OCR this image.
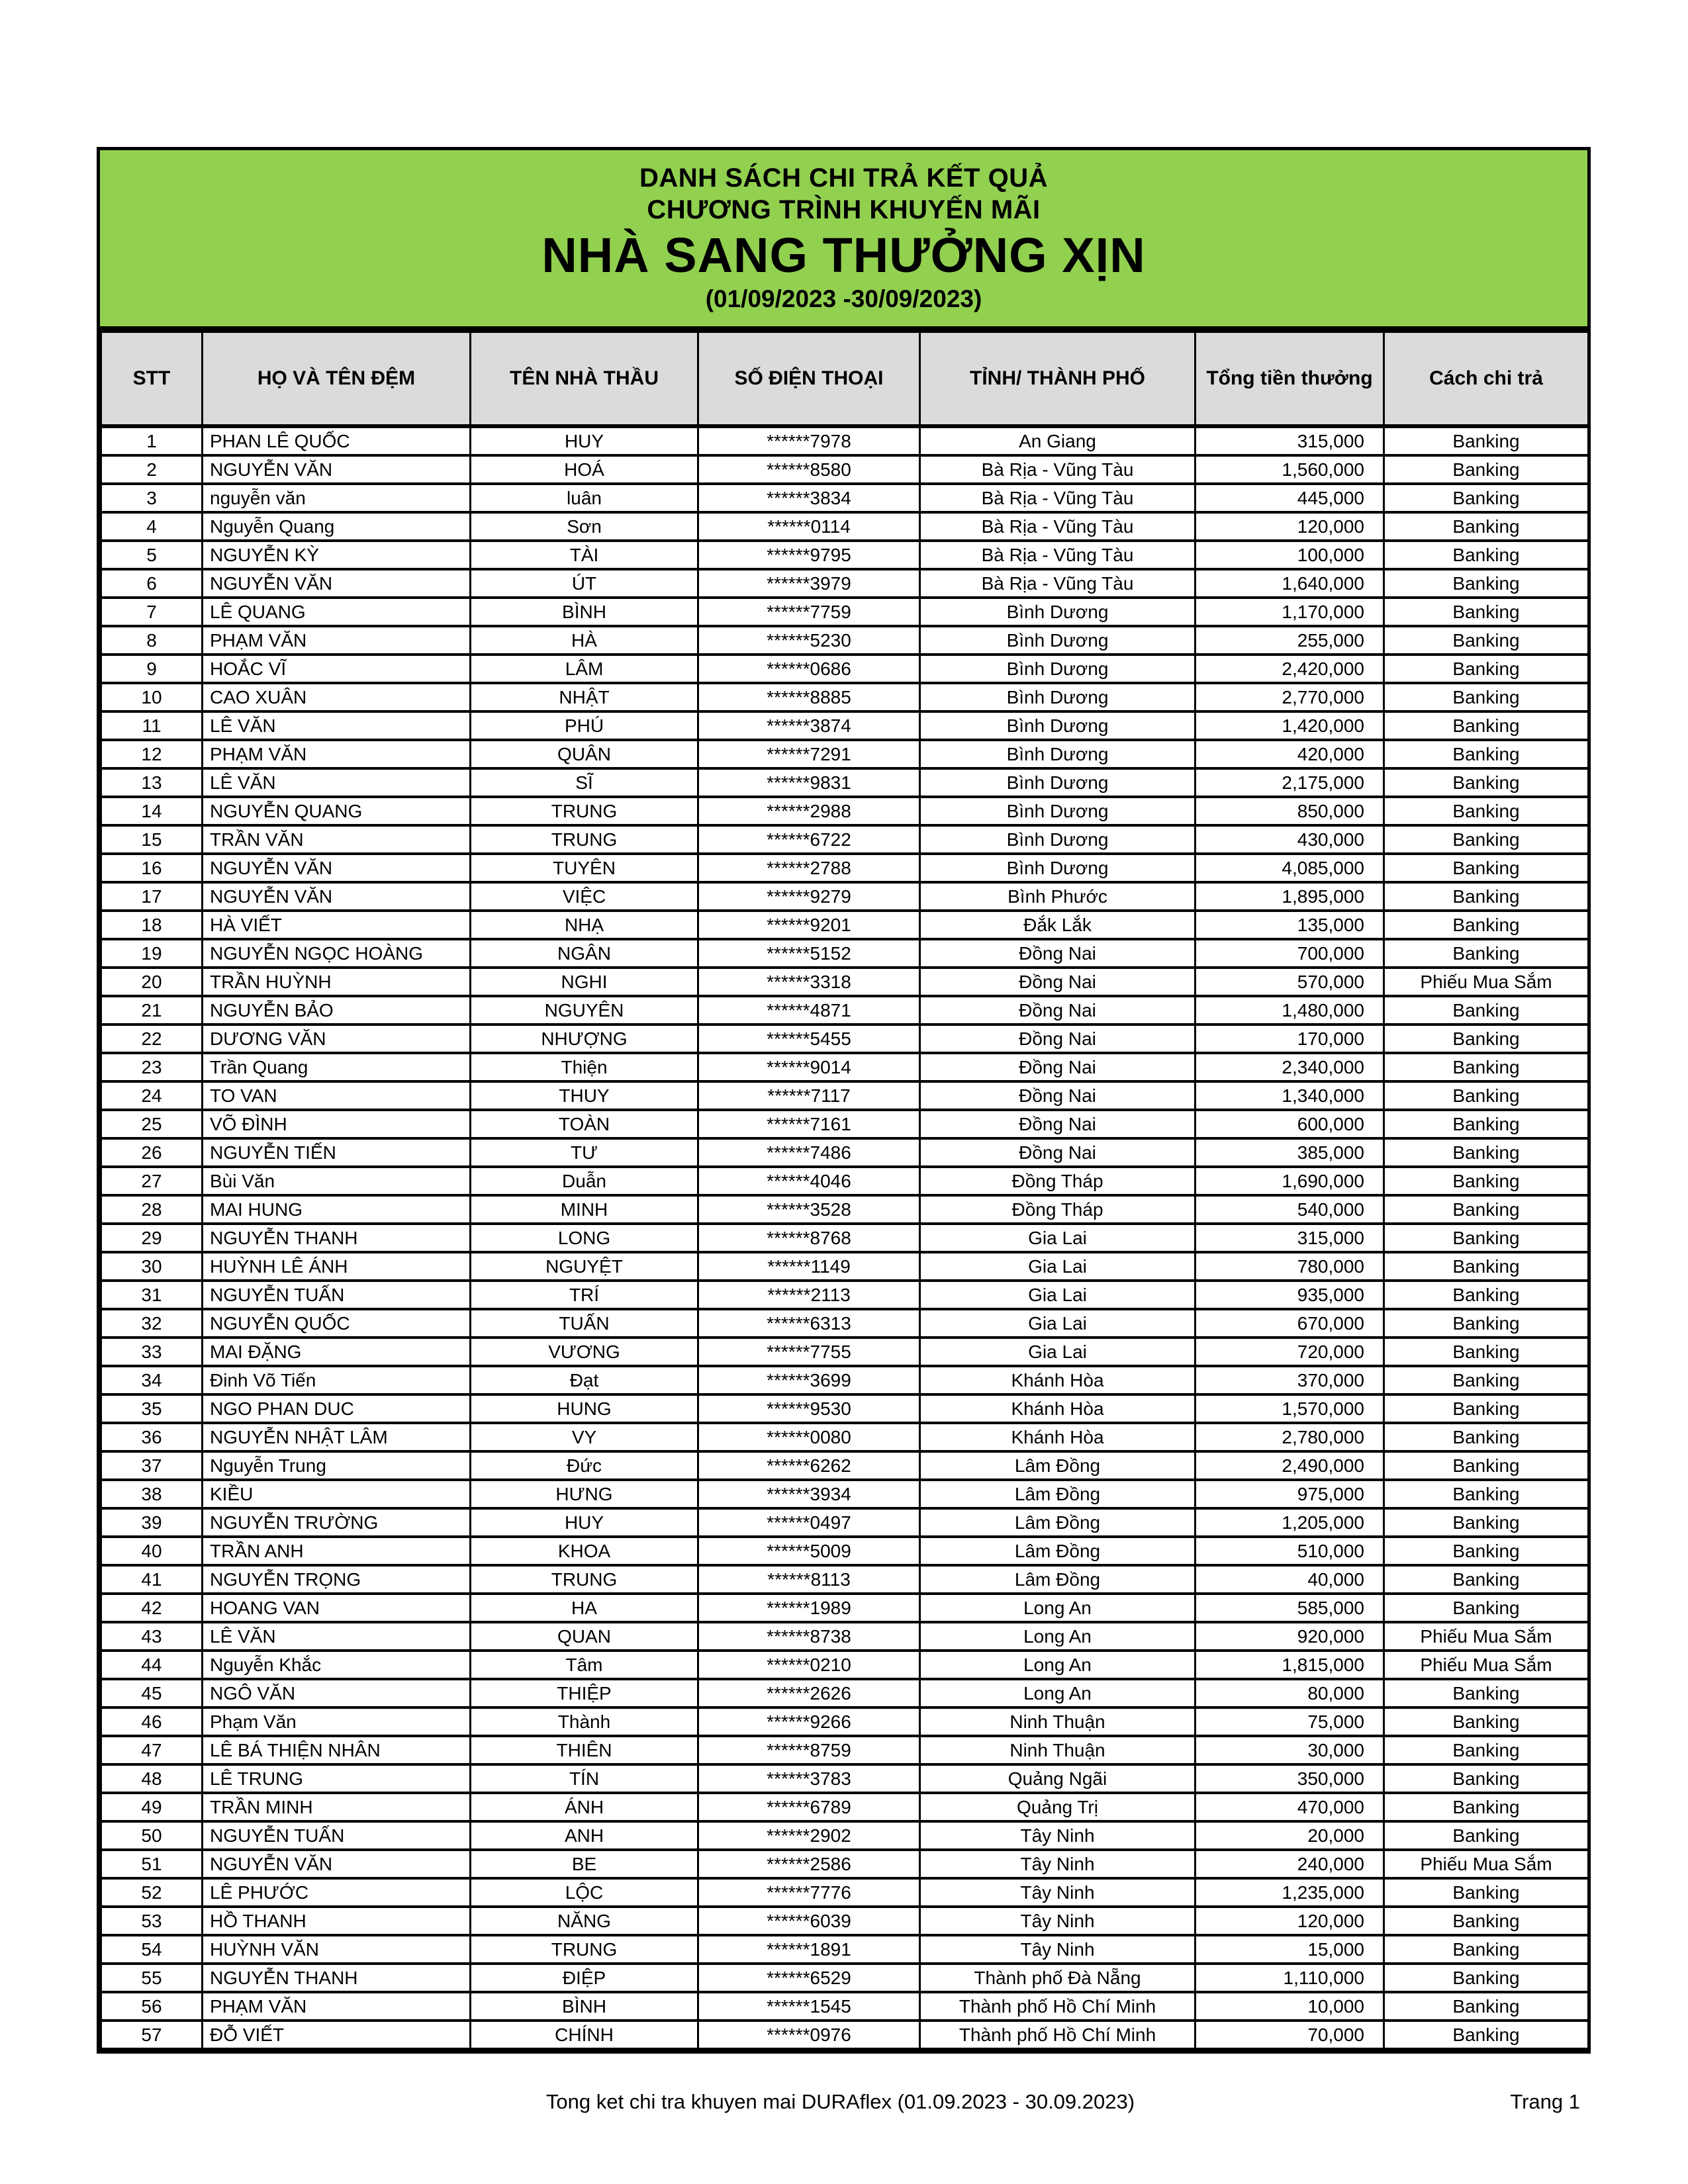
DANH SÁCH CHI TRẢ KẾT QUẢ
CHƯƠNG TRÌNH KHUYẾN MÃI
NHÀ SANG THƯỞNG XỊN
(01/09/2023 -30/09/2023)
STT	HỌ VÀ TÊN ĐỆM	TÊN NHÀ THẦU	SỐ ĐIỆN THOẠI	TỈNH/ THÀNH PHỐ	Tổng tiền thưởng	Cách chi trả
1	PHAN LÊ QUỐC	HUY	******7978	An Giang	315,000	Banking
2	NGUYỄN VĂN	HOÁ	******8580	Bà Rịa - Vũng Tàu	1,560,000	Banking
3	nguyễn văn	luân	******3834	Bà Rịa - Vũng Tàu	445,000	Banking
4	Nguyễn Quang	Sơn	******0114	Bà Rịa - Vũng Tàu	120,000	Banking
5	NGUYỄN KỲ	TÀI	******9795	Bà Rịa - Vũng Tàu	100,000	Banking
6	NGUYỄN VĂN	ÚT	******3979	Bà Rịa - Vũng Tàu	1,640,000	Banking
7	LÊ QUANG	BÌNH	******7759	Bình Dương	1,170,000	Banking
8	PHẠM VĂN	HÀ	******5230	Bình Dương	255,000	Banking
9	HOẮC VĨ	LÂM	******0686	Bình Dương	2,420,000	Banking
10	CAO XUÂN	NHẬT	******8885	Bình Dương	2,770,000	Banking
11	LÊ VĂN	PHÚ	******3874	Bình Dương	1,420,000	Banking
12	PHẠM VĂN	QUÂN	******7291	Bình Dương	420,000	Banking
13	LÊ VĂN	SĨ	******9831	Bình Dương	2,175,000	Banking
14	NGUYỄN QUANG	TRUNG	******2988	Bình Dương	850,000	Banking
15	TRẦN VĂN	TRUNG	******6722	Bình Dương	430,000	Banking
16	NGUYỄN VĂN	TUYÊN	******2788	Bình Dương	4,085,000	Banking
17	NGUYỄN VĂN	VIỆC	******9279	Bình Phước	1,895,000	Banking
18	HÀ VIẾT	NHẠ	******9201	Đắk Lắk	135,000	Banking
19	NGUYỄN NGỌC HOÀNG	NGÂN	******5152	Đồng Nai	700,000	Banking
20	TRẦN HUỲNH	NGHI	******3318	Đồng Nai	570,000	Phiếu Mua Sắm
21	NGUYỄN BẢO	NGUYÊN	******4871	Đồng Nai	1,480,000	Banking
22	DƯƠNG VĂN	NHƯỢNG	******5455	Đồng Nai	170,000	Banking
23	Trần Quang	Thiện	******9014	Đồng Nai	2,340,000	Banking
24	TO VAN	THUY	******7117	Đồng Nai	1,340,000	Banking
25	VÕ ĐÌNH	TOÀN	******7161	Đồng Nai	600,000	Banking
26	NGUYỄN TIẾN	TƯ	******7486	Đồng Nai	385,000	Banking
27	Bùi Văn	Duẫn	******4046	Đồng Tháp	1,690,000	Banking
28	MAI HUNG	MINH	******3528	Đồng Tháp	540,000	Banking
29	NGUYỄN THANH	LONG	******8768	Gia Lai	315,000	Banking
30	HUỲNH LÊ ÁNH	NGUYỆT	******1149	Gia Lai	780,000	Banking
31	NGUYỄN TUẤN	TRÍ	******2113	Gia Lai	935,000	Banking
32	NGUYỄN QUỐC	TUẤN	******6313	Gia Lai	670,000	Banking
33	MAI ĐẶNG	VƯƠNG	******7755	Gia Lai	720,000	Banking
34	Đinh Võ Tiến	Đạt	******3699	Khánh Hòa	370,000	Banking
35	NGO PHAN DUC	HUNG	******9530	Khánh Hòa	1,570,000	Banking
36	NGUYỄN NHẬT LÂM	VY	******0080	Khánh Hòa	2,780,000	Banking
37	Nguyễn Trung	Đức	******6262	Lâm Đồng	2,490,000	Banking
38	KIỀU	HƯNG	******3934	Lâm Đồng	975,000	Banking
39	NGUYỄN TRƯỜNG	HUY	******0497	Lâm Đồng	1,205,000	Banking
40	TRẦN ANH	KHOA	******5009	Lâm Đồng	510,000	Banking
41	NGUYỄN TRỌNG	TRUNG	******8113	Lâm Đồng	40,000	Banking
42	HOANG VAN	HA	******1989	Long An	585,000	Banking
43	LÊ VĂN	QUAN	******8738	Long An	920,000	Phiếu Mua Sắm
44	Nguyễn Khắc	Tâm	******0210	Long An	1,815,000	Phiếu Mua Sắm
45	NGÔ VĂN	THIỆP	******2626	Long An	80,000	Banking
46	Phạm Văn	Thành	******9266	Ninh Thuận	75,000	Banking
47	LÊ BÁ THIỆN NHÂN	THIÊN	******8759	Ninh Thuận	30,000	Banking
48	LÊ TRUNG	TÍN	******3783	Quảng Ngãi	350,000	Banking
49	TRẦN MINH	ÁNH	******6789	Quảng Trị	470,000	Banking
50	NGUYỄN TUẤN	ANH	******2902	Tây Ninh	20,000	Banking
51	NGUYỄN VĂN	BE	******2586	Tây Ninh	240,000	Phiếu Mua Sắm
52	LÊ PHƯỚC	LỘC	******7776	Tây Ninh	1,235,000	Banking
53	HỒ THANH	NĂNG	******6039	Tây Ninh	120,000	Banking
54	HUỲNH VĂN	TRUNG	******1891	Tây Ninh	15,000	Banking
55	NGUYỄN THANH	ĐIỆP	******6529	Thành phố Đà Nẵng	1,110,000	Banking
56	PHẠM VĂN	BÌNH	******1545	Thành phố Hồ Chí Minh	10,000	Banking
57	ĐỖ VIẾT	CHÍNH	******0976	Thành phố Hồ Chí Minh	70,000	Banking
Tong ket chi tra khuyen mai DURAflex (01.09.2023 - 30.09.2023)	Trang 1
